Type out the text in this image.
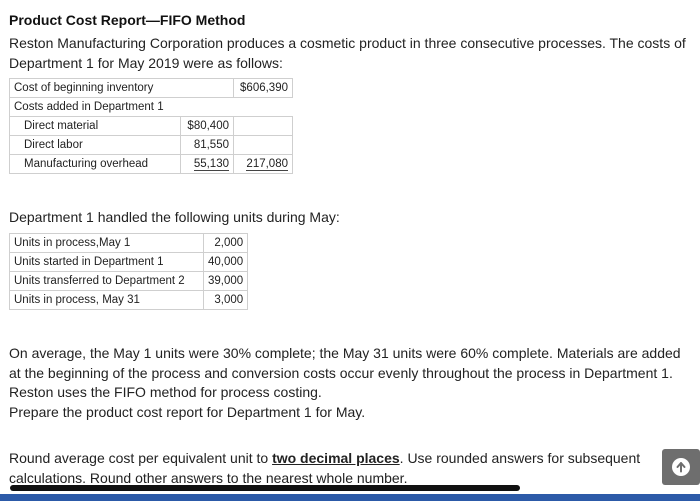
Product Cost Report—FIFO Method
Reston Manufacturing Corporation produces a cosmetic product in three consecutive processes. The costs of Department 1 for May 2019 were as follows:
Cost of beginning inventory		$606,390
Costs added in Department 1		
Direct material	$80,400	
Direct labor	81,550	
Manufacturing overhead	55,130	217,080
Department 1 handled the following units during May:
Units in process,May 1	2,000
Units started in Department 1	40,000
Units transferred to Department 2	39,000
Units in process, May 31	3,000
On average, the May 1 units were 30% complete; the May 31 units were 60% complete. Materials are added at the beginning of the process and conversion costs occur evenly throughout the process in Department 1. Reston uses the FIFO method for process costing.
Prepare the product cost report for Department 1 for May.
Round average cost per equivalent unit to two decimal places. Use rounded answers for subsequent calculations. Round other answers to the nearest whole number.
